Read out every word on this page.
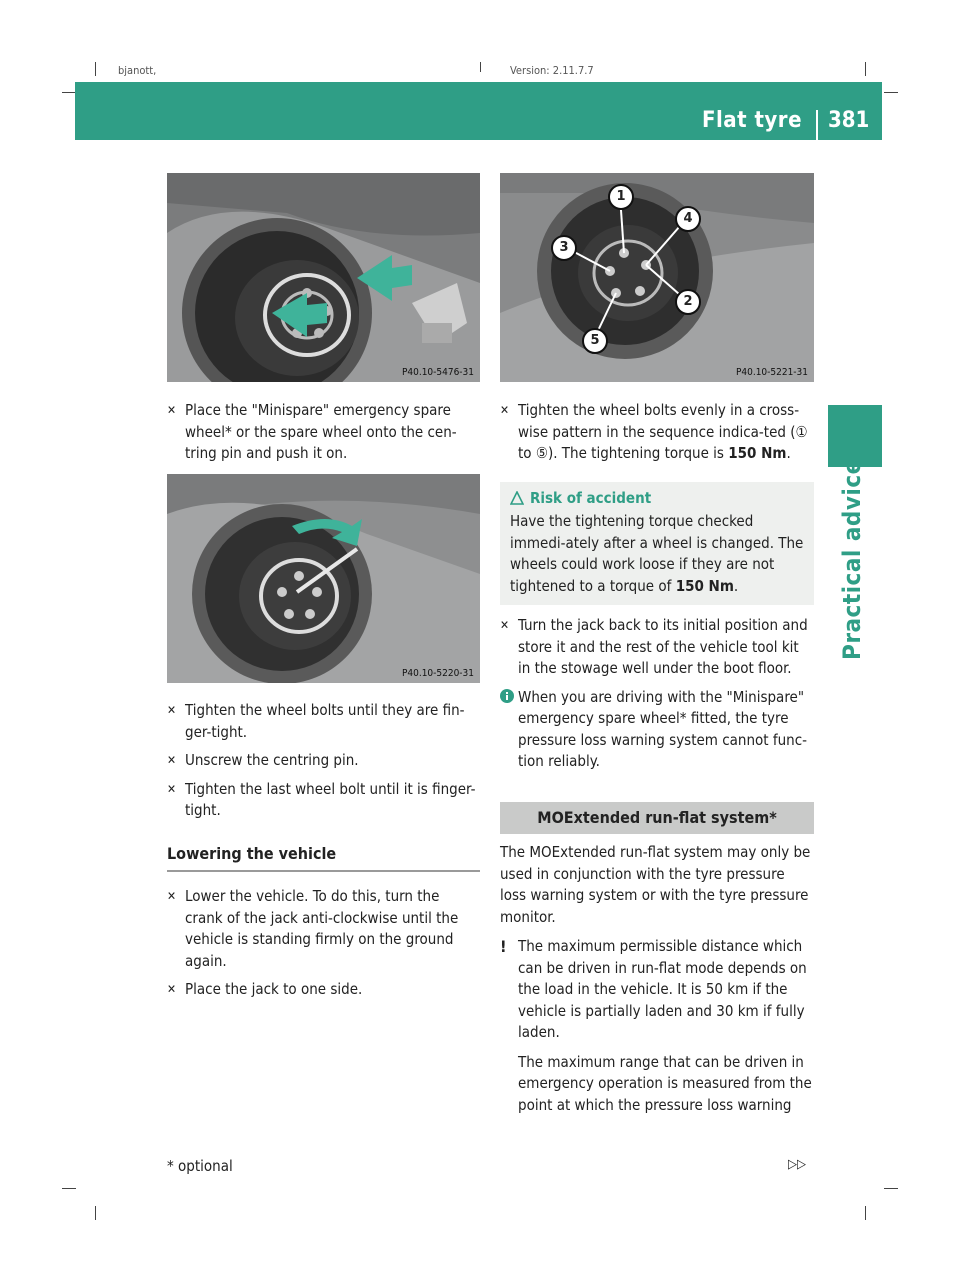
bjanott,	Version: 2.11.7.7
Flat tyre 381
Practical advice
P40.10-5476-31
P40.10-5220-31
P40.10-5221-31
1
2
3
4
5
✕ Place the "Minispare" emergency spare wheel* or the spare wheel onto the cen-tring pin and push it on.
✕ Tighten the wheel bolts until they are fin-ger-tight.
✕ Unscrew the centring pin.
✕ Tighten the last wheel bolt until it is finger-tight.
Lowering the vehicle
✕ Lower the vehicle. To do this, turn the crank of the jack anti-clockwise until the vehicle is standing firmly on the ground again.
✕ Place the jack to one side.
✕ Tighten the wheel bolts evenly in a cross-wise pattern in the sequence indica-ted (① to ⑤). The tightening torque is 150 Nm.
Risk of accident
Have the tightening torque checked immedi-ately after a wheel is changed. The wheels could work loose if they are not tightened to a torque of 150 Nm.
✕ Turn the jack back to its initial position and store it and the rest of the vehicle tool kit in the stowage well under the boot floor.
When you are driving with the "Minispare" emergency spare wheel* fitted, the tyre pressure loss warning system cannot func-tion reliably.
MOExtended run-flat system*
The MOExtended run-flat system may only be used in conjunction with the tyre pressure loss warning system or with the tyre pressure monitor.
! The maximum permissible distance which can be driven in run-flat mode depends on the load in the vehicle. It is 50 km if the vehicle is partially laden and 30 km if fully laden.
The maximum range that can be driven in emergency operation is measured from the point at which the pressure loss warning
* optional	▷▷
